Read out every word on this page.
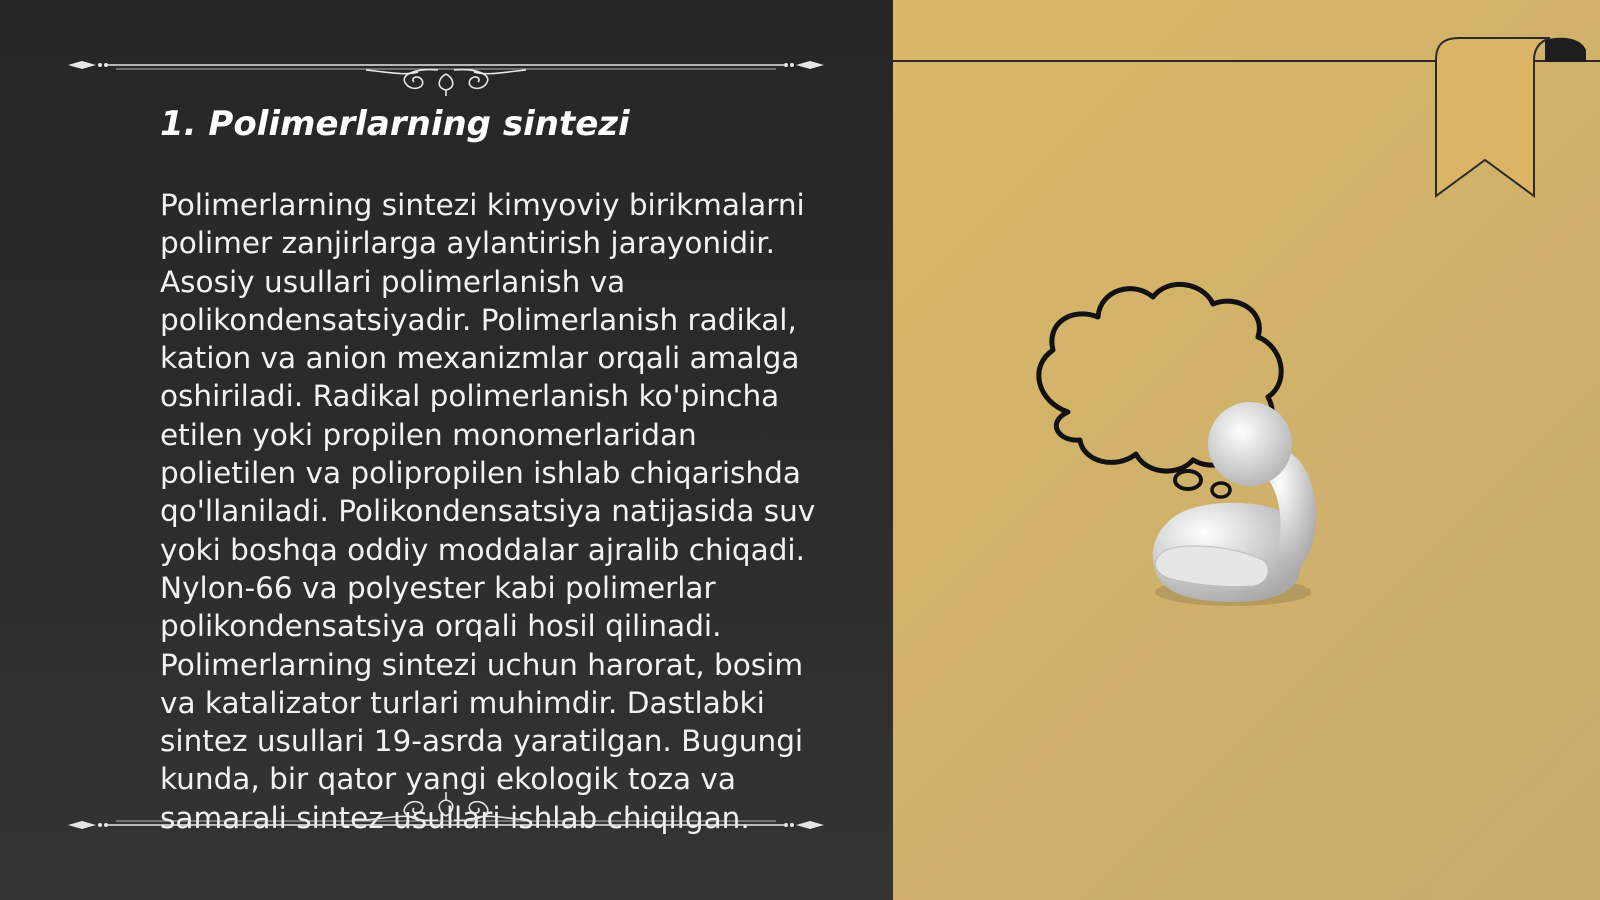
1. Polimerlarning sintezi

Polimerlarning sintezi kimyoviy birikmalarni polimer zanjirlarga aylantirish jarayonidir. Asosiy usullari polimerlanish va polikondensatsiyadir. Polimerlanish radikal, kation va anion mexanizmlar orqali amalga oshiriladi. Radikal polimerlanish ko'pincha etilen yoki propilen monomerlaridan polietilen va polipropilen ishlab chiqarishda qo'llaniladi. Polikondensatsiya natijasida suv yoki boshqa oddiy moddalar ajralib chiqadi. Nylon-66 va polyester kabi polimerlar polikondensatsiya orqali hosil qilinadi. Polimerlarning sintezi uchun harorat, bosim va katalizator turlari muhimdir. Dastlabki sintez usullari 19-asrda yaratilgan. Bugungi kunda, bir qator yangi ekologik toza va samarali sintez usullari ishlab chiqilgan.
